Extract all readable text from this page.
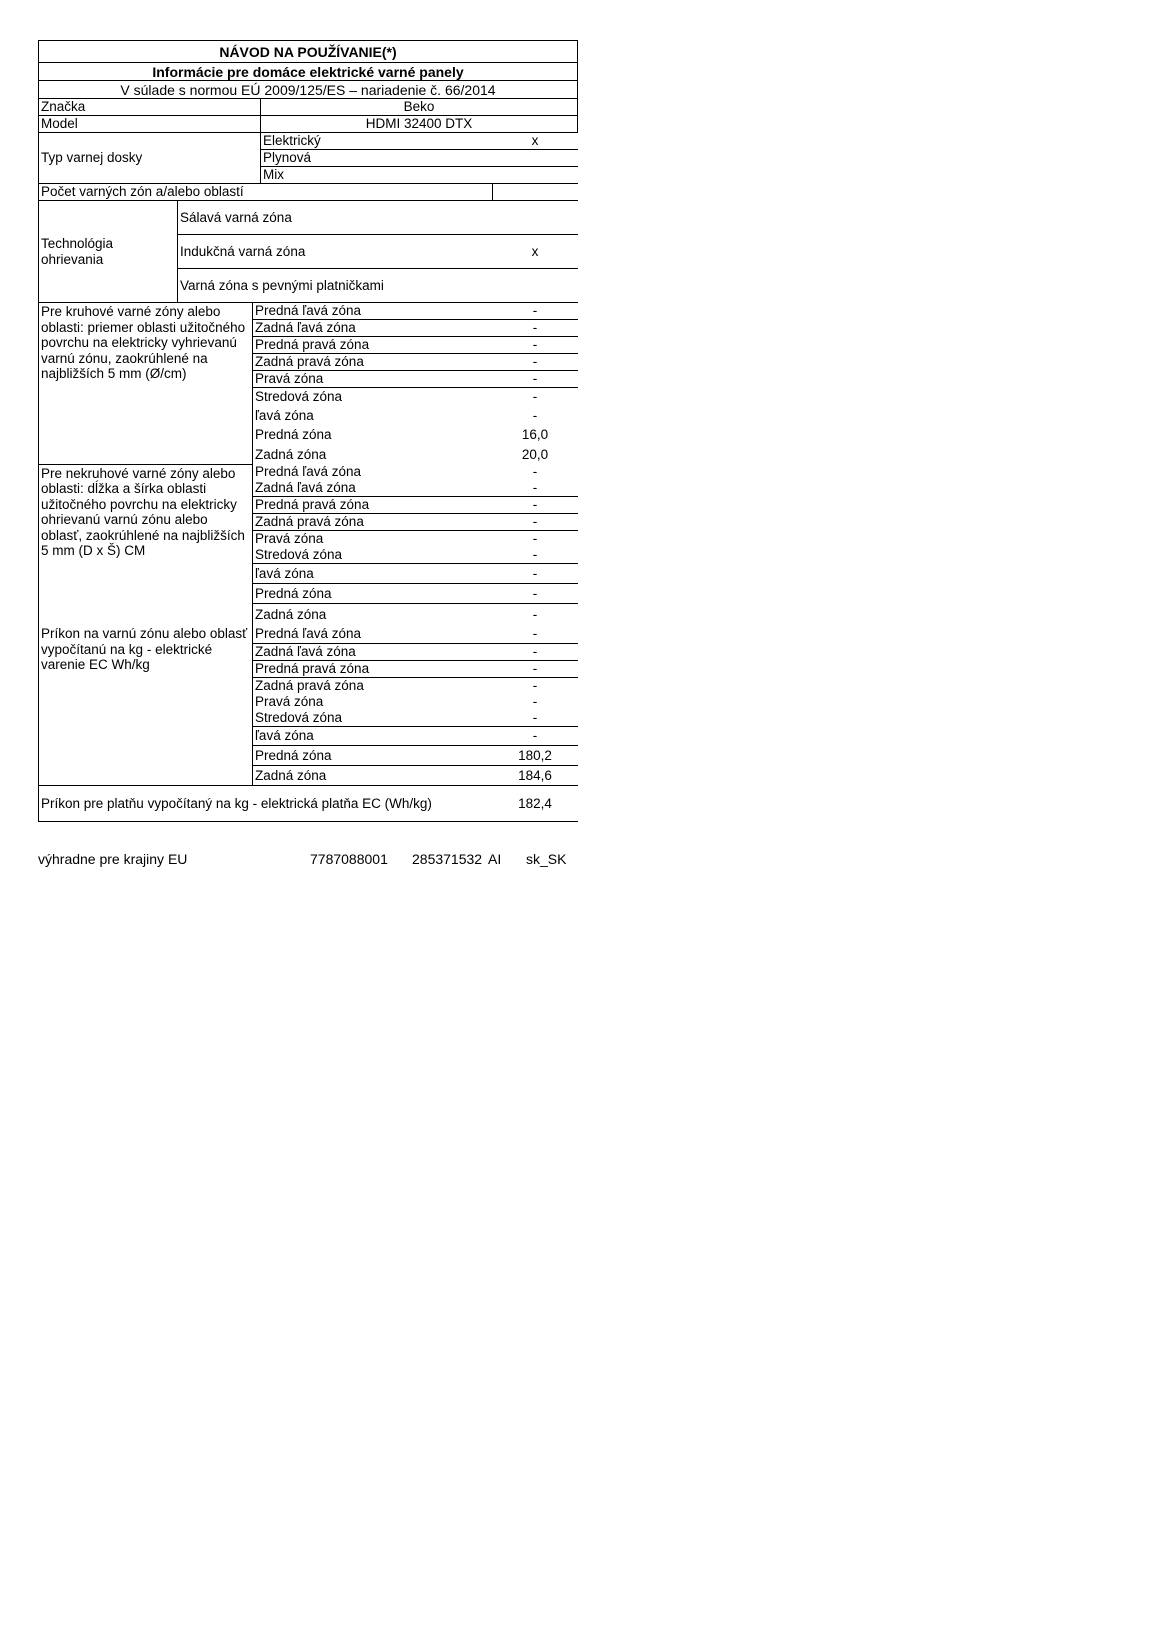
NÁVOD NA POUŽÍVANIE(*)				
Informácie pre domáce elektrické varné panely				
V súlade s normou EÚ 2009/125/ES – nariadenie č. 66/2014				
Značka			Beko	
Model			HDMI 32400 DTX	
Typ varnej dosky			Elektrický	x
			Plynová	
			Mix	
Počet varných zón a/alebo oblastí				
Technológia ohrievania	Sálavá varná zóna			
	Indukčná varná zóna			x
	Varná zóna s pevnými platničkami			
Pre kruhové varné zóny alebo oblasti: priemer oblasti užitočného povrchu na elektricky vyhrievanú varnú zónu, zaokrúhlené na najbližších 5 mm (Ø/cm)		Predná ľavá zóna		-
		Zadná ľavá zóna		-
		Predná pravá zóna		-
		Zadná pravá zóna		-
		Pravá zóna		-
		Stredová zóna		-
		ľavá zóna		-
		Predná zóna		16,0
		Zadná zóna		20,0
Pre nekruhové varné zóny alebo oblasti: dĺžka a šírka oblasti užitočného povrchu na elektricky ohrievanú varnú zónu alebo oblasť, zaokrúhlené na najbližších 5 mm (D x Š) CM		Predná ľavá zóna		-
		Zadná ľavá zóna		-
		Predná pravá zóna		-
		Zadná pravá zóna		-
		Pravá zóna		-
		Stredová zóna		-
		ľavá zóna		-
		Predná zóna		-
		Zadná zóna		-
Príkon na varnú zónu alebo oblasť vypočítanú na kg - elektrické varenie EC Wh/kg		Predná ľavá zóna		-
		Zadná ľavá zóna		-
		Predná pravá zóna		-
		Zadná pravá zóna		-
		Pravá zóna		-
		Stredová zóna		-
		ľavá zóna		-
		Predná zóna		180,2
		Zadná zóna		184,6
Príkon pre platňu vypočítaný na kg - elektrická platňa EC (Wh/kg)				182,4
výhradne pre krajiny EU	7787088001 285371532 AI sk_SK
